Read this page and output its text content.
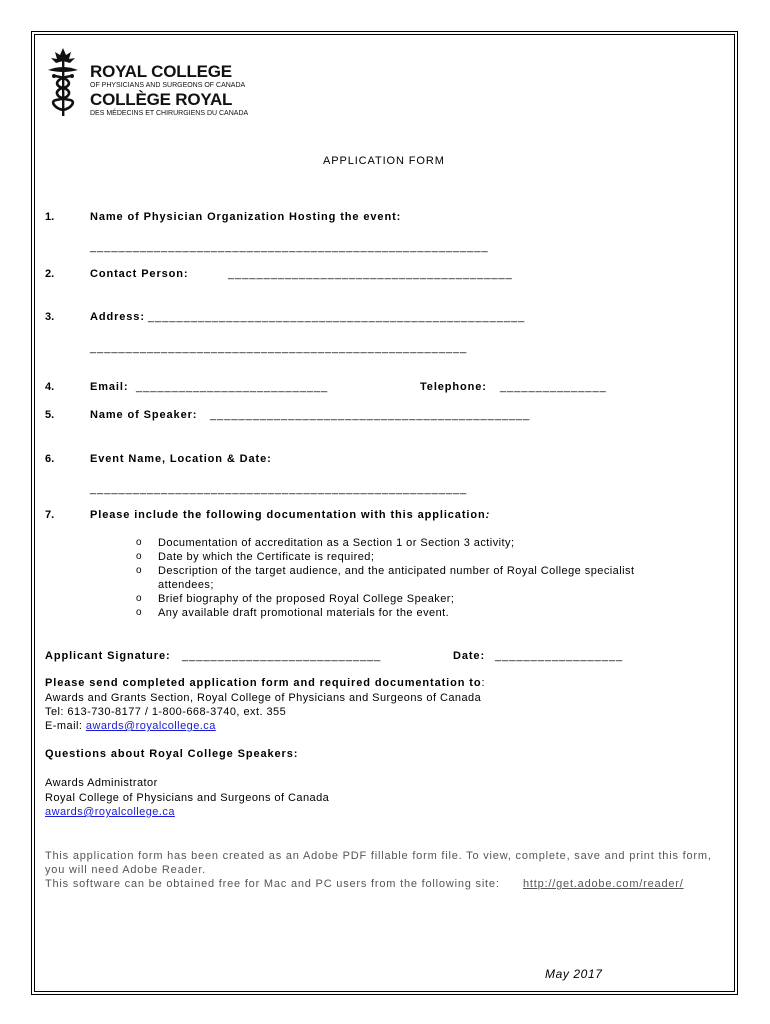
ROYAL COLLEGE
OF PHYSICIANS AND SURGEONS OF CANADA
COLLÈGE ROYAL
DES MÉDECINS ET CHIRURGIENS DU CANADA
APPLICATION FORM
1.	Name of Physician Organization Hosting the event:
________________________________________________________
2.	Contact Person:	________________________________________
3.	Address: _____________________________________________________
_____________________________________________________
4.	Email: ___________________________	Telephone: _______________
5.	Name of Speaker: _____________________________________________
6.	Event Name, Location & Date:
_____________________________________________________
7.	Please include the following documentation with this application:
o Documentation of accreditation as a Section 1 or Section 3 activity;
o Date by which the Certificate is required;
o Description of the target audience, and the anticipated number of Royal College specialist
attendees;
o Brief biography of the proposed Royal College Speaker;
o Any available draft promotional materials for the event.
Applicant Signature: ____________________________	Date: __________________
Please send completed application form and required documentation to:
Awards and Grants Section, Royal College of Physicians and Surgeons of Canada
Tel: 613-730-8177 / 1-800-668-3740, ext. 355
E-mail: awards@royalcollege.ca
Questions about Royal College Speakers:
Awards Administrator
Royal College of Physicians and Surgeons of Canada
awards@royalcollege.ca
This application form has been created as an Adobe PDF fillable form file. To view, complete, save and print this form,
you will need Adobe Reader.
This software can be obtained free for Mac and PC users from the following site: http://get.adobe.com/reader/
May 2017
